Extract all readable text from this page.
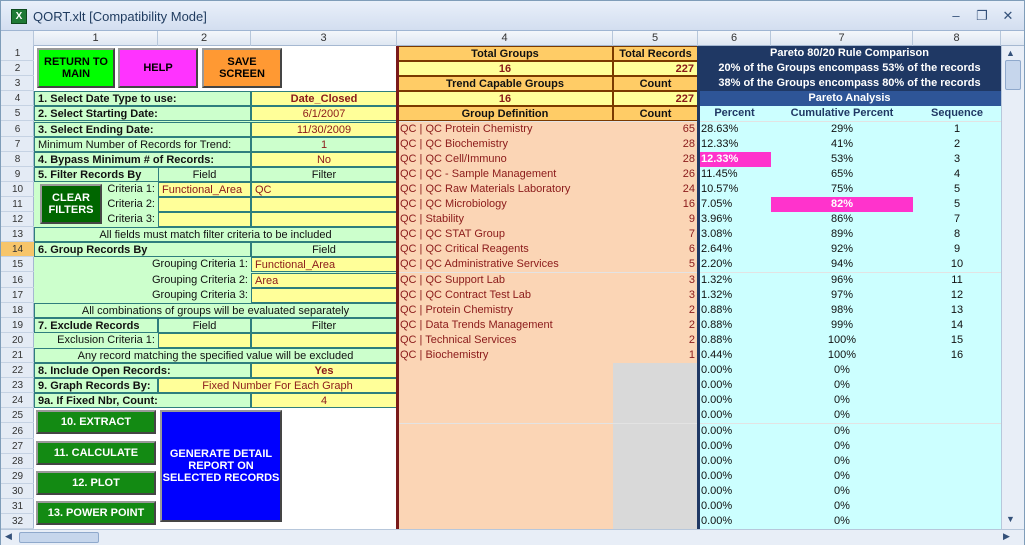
X QORT.xlt [Compatibility Mode]	–	❐	✕
1	2	3	4	5	6	7	8
1
2
3
4
5
6
7
8
9
10
11
12
13
14
15
16
17
18
19
20
21
22
23
24
25
26
27
28
29
30
31
32
1. Select Date Type to use:	Date_Closed
2. Select Starting Date:	6/1/2007
3. Select Ending Date:	11/30/2009
Minimum Number of Records for Trend:	1
4. Bypass Minimum # of Records:	No
5. Filter Records By	Field	Filter
Criteria 1: Functional_Area	QC
Criteria 2:
Criteria 3:
All fields must match filter criteria to be included
6. Group Records By	Field
Grouping Criteria 1: Functional_Area
Grouping Criteria 2: Area
Grouping Criteria 3:
All combinations of groups will be evaluated separately
7. Exclude Records	Field	Filter
Exclusion Criteria 1:
Any record matching the specified value will be excluded
8. Include Open Records:	Yes
9. Graph Records By:	Fixed Number For Each Graph
9a. If Fixed Nbr, Count:	4
RETURN TO
MAIN	HELP	SAVE
SCREEN
CLEAR
FILTERS
10. EXTRACT
11. CALCULATE
12. PLOT
13. POWER POINT
GENERATE DETAIL
REPORT ON
SELECTED RECORDS
Total Groups	Total Records
16	227
Trend Capable Groups	Count
16	227
Group Definition	Count
Pareto 80/20 Rule Comparison
20% of the Groups encompass 53% of the records
38% of the Groups encompass 80% of the records
Pareto Analysis
Percent	Cumulative Percent	Sequence
QC | QC Protein Chemistry	65 28.63%	29%	1
QC | QC Biochemistry	28 12.33%	41%	2
QC | QC Cell/Immuno	28 12.33%	53%	3
QC | QC - Sample Management	26 11.45%	65%	4
QC | QC Raw Materials Laboratory	24 10.57%	75%	5
QC | QC Microbiology	16 7.05%	82%	5
QC | Stability	9 3.96%	86%	7
QC | QC STAT Group	7 3.08%	89%	8
QC | QC Critical Reagents	6 2.64%	92%	9
QC | QC Administrative Services	5 2.20%	94%	10
QC | QC Support Lab	3 1.32%	96%	11
QC | QC Contract Test Lab	3 1.32%	97%	12
QC | Protein Chemistry	2 0.88%	98%	13
QC | Data Trends Management	2 0.88%	99%	14
QC | Technical Services	2 0.88%	100%	15
QC | Biochemistry	1 0.44%	100%	16
0.00%	0%
0.00%	0%
0.00%	0%
0.00%	0%
0.00%	0%
0.00%	0%
0.00%	0%
0.00%	0%
0.00%	0%
0.00%	0%
0.00%	0%
▲
▼
◀	▶
